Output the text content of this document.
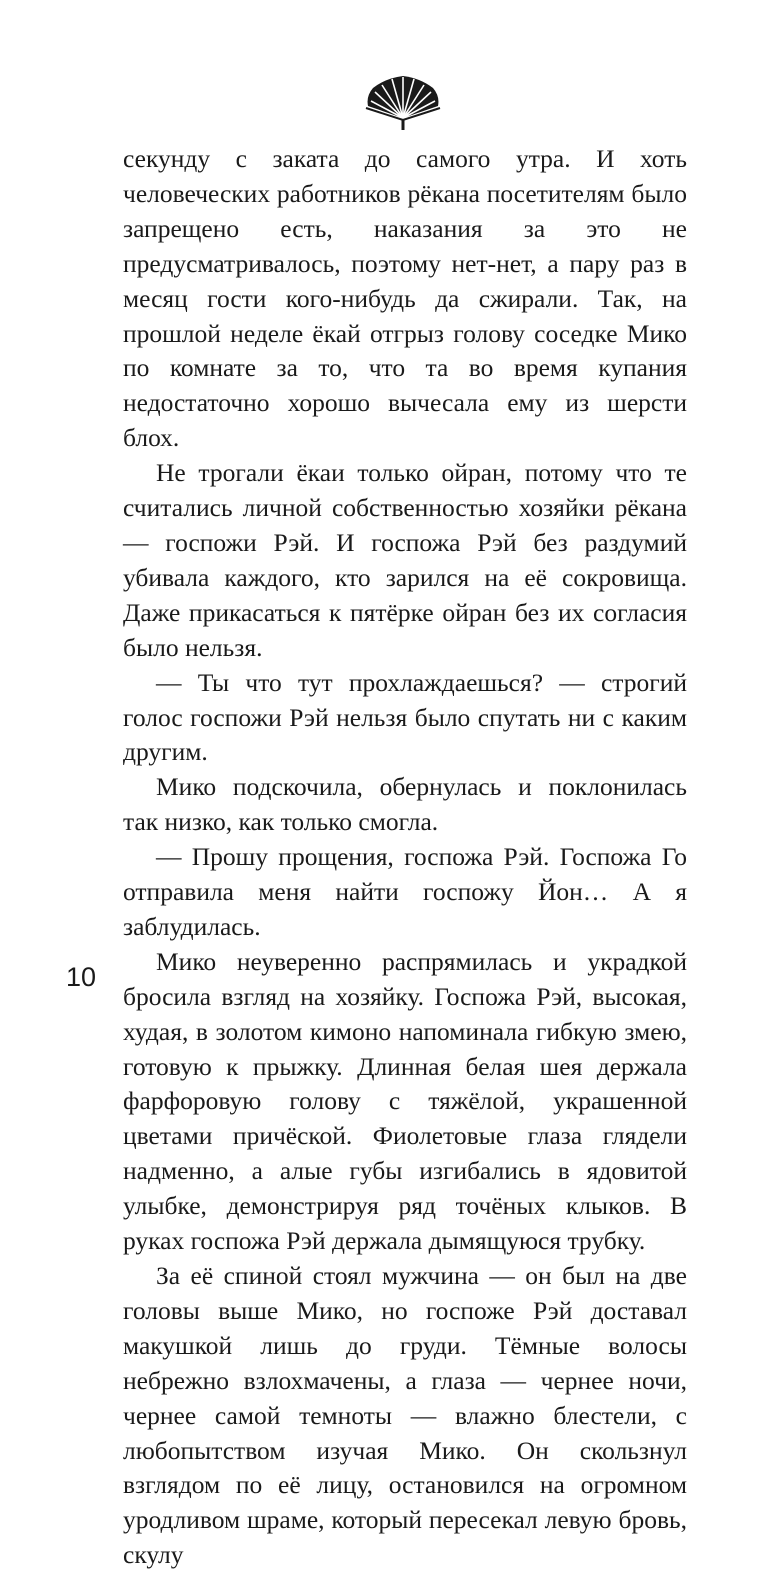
секунду с заката до самого утра. И хоть человеческих работников рёкана посетителям было запрещено есть, наказания за это не предусматривалось, поэтому нет-нет, а пару раз в месяц гости кого-нибудь да сжирали. Так, на прошлой неделе ёкай отгрыз голову соседке Мико по комнате за то, что та во время купания недостаточно хорошо вычесала ему из шерсти блох.

Не трогали ёкаи только ойран, потому что те считались личной собственностью хозяйки рёкана — госпожи Рэй. И госпожа Рэй без раздумий убивала каждого, кто зарился на её сокровища. Даже прикасаться к пятёрке ойран без их согласия было нельзя.

— Ты что тут прохлаждаешься? — строгий голос госпожи Рэй нельзя было спутать ни с каким другим.

Мико подскочила, обернулась и поклонилась так низко, как только смогла.

— Прошу прощения, госпожа Рэй. Госпожа Го отправила меня найти госпожу Йон… А я заблудилась.

Мико неуверенно распрямилась и украдкой бросила взгляд на хозяйку. Госпожа Рэй, высокая, худая, в золотом кимоно напоминала гибкую змею, готовую к прыжку. Длинная белая шея держала фарфоровую голову с тяжёлой, украшенной цветами причёской. Фиолетовые глаза глядели надменно, а алые губы изгибались в ядовитой улыбке, демонстрируя ряд точёных клыков. В руках госпожа Рэй держала дымящуюся трубку.

За её спиной стоял мужчина — он был на две головы выше Мико, но госпоже Рэй доставал макушкой лишь до груди. Тёмные волосы небрежно взлохмачены, а глаза — чернее ночи, чернее самой темноты — влажно блестели, с любопытством изучая Мико. Он скользнул взглядом по её лицу, остановился на огромном уродливом шраме, который пересекал левую бровь, скулу

10
